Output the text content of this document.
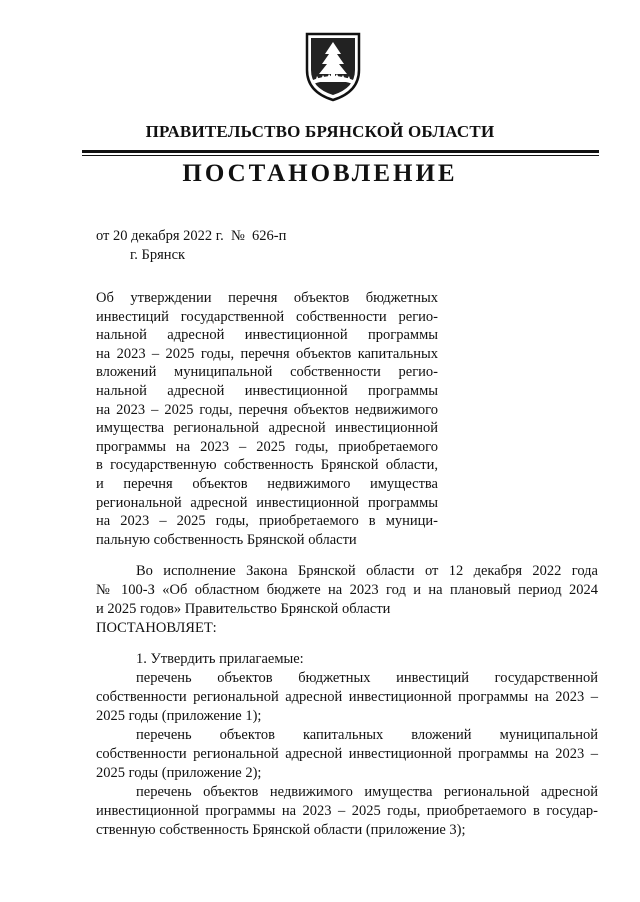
ПРАВИТЕЛЬСТВО БРЯНСКОЙ ОБЛАСТИ
ПОСТАНОВЛЕНИЕ
от 20 декабря 2022 г.  №  626-п
г. Брянск
Об утверждении перечня объектов бюджетных
инвестиций государственной собственности регио-
нальной адресной инвестиционной программы
на 2023 – 2025 годы, перечня объектов капитальных
вложений муниципальной собственности регио-
нальной адресной инвестиционной программы
на 2023 – 2025 годы, перечня объектов недвижимого
имущества региональной адресной инвестиционной
программы на 2023 – 2025 годы, приобретаемого
в государственную собственность Брянской области,
и перечня объектов недвижимого имущества
региональной адресной инвестиционной программы
на 2023 – 2025 годы, приобретаемого в муници-
пальную собственность Брянской области
Во исполнение Закона Брянской области от 12 декабря 2022 года
№ 100-З «Об областном бюджете на 2023 год и на плановый период 2024
и 2025 годов» Правительство Брянской области
ПОСТАНОВЛЯЕТ:
1. Утвердить прилагаемые:
перечень объектов бюджетных инвестиций государственной
собственности региональной адресной инвестиционной программы на 2023 –
2025 годы (приложение 1);
перечень объектов капитальных вложений муниципальной
собственности региональной адресной инвестиционной программы на 2023 –
2025 годы (приложение 2);
перечень объектов недвижимого имущества региональной адресной
инвестиционной программы на 2023 – 2025 годы, приобретаемого в государ-
ственную собственность Брянской области (приложение 3);
